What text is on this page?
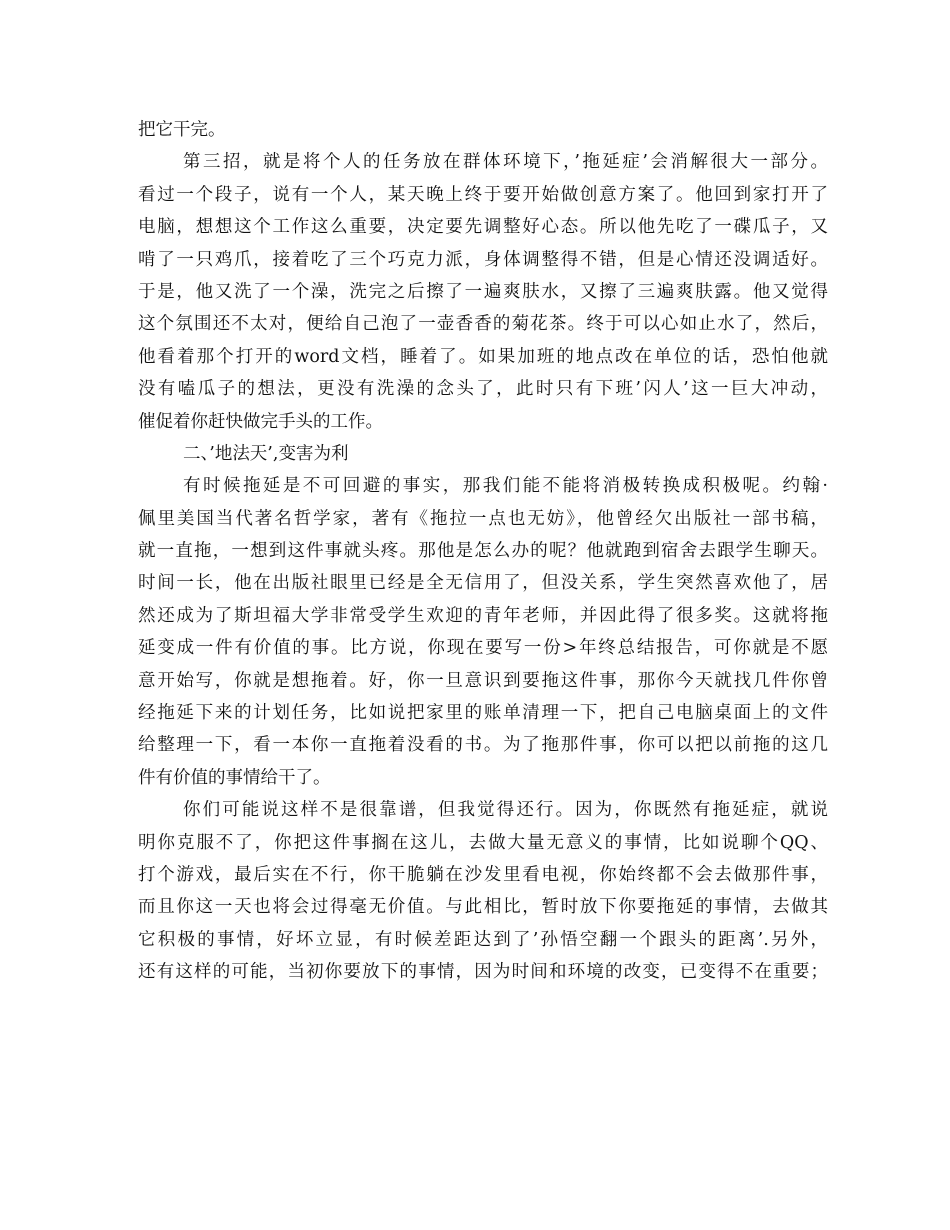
把它干完。
第三招，就是将个人的任务放在群体环境下，’拖延症’会消解很大一部分。
看过一个段子，说有一个人，某天晚上终于要开始做创意方案了。他回到家打开了
电脑，想想这个工作这么重要，决定要先调整好心态。所以他先吃了一碟瓜子，又
啃了一只鸡爪，接着吃了三个巧克力派，身体调整得不错，但是心情还没调适好。
于是，他又洗了一个澡，洗完之后擦了一遍爽肤水，又擦了三遍爽肤露。他又觉得
这个氛围还不太对，便给自己泡了一壶香香的菊花茶。终于可以心如止水了，然后，
他看着那个打开的word文档，睡着了。如果加班的地点改在单位的话，恐怕他就
没有嗑瓜子的想法，更没有洗澡的念头了，此时只有下班’闪人’这一巨大冲动，
催促着你赶快做完手头的工作。
二、’地法天’,变害为利
有时候拖延是不可回避的事实，那我们能不能将消极转换成积极呢。约翰·
佩里美国当代著名哲学家，著有《拖拉一点也无妨》，他曾经欠出版社一部书稿，
就一直拖，一想到这件事就头疼。那他是怎么办的呢？他就跑到宿舍去跟学生聊天。
时间一长，他在出版社眼里已经是全无信用了，但没关系，学生突然喜欢他了，居
然还成为了斯坦福大学非常受学生欢迎的青年老师，并因此得了很多奖。这就将拖
延变成一件有价值的事。比方说，你现在要写一份>年终总结报告，可你就是不愿
意开始写，你就是想拖着。好，你一旦意识到要拖这件事，那你今天就找几件你曾
经拖延下来的计划任务，比如说把家里的账单清理一下，把自己电脑桌面上的文件
给整理一下，看一本你一直拖着没看的书。为了拖那件事，你可以把以前拖的这几
件有价值的事情给干了。
你们可能说这样不是很靠谱，但我觉得还行。因为，你既然有拖延症，就说
明你克服不了，你把这件事搁在这儿，去做大量无意义的事情，比如说聊个QQ、
打个游戏，最后实在不行，你干脆躺在沙发里看电视，你始终都不会去做那件事，
而且你这一天也将会过得毫无价值。与此相比，暂时放下你要拖延的事情，去做其
它积极的事情，好坏立显，有时候差距达到了’孙悟空翻一个跟头的距离’.另外，
还有这样的可能，当初你要放下的事情，因为时间和环境的改变，已变得不在重要；
